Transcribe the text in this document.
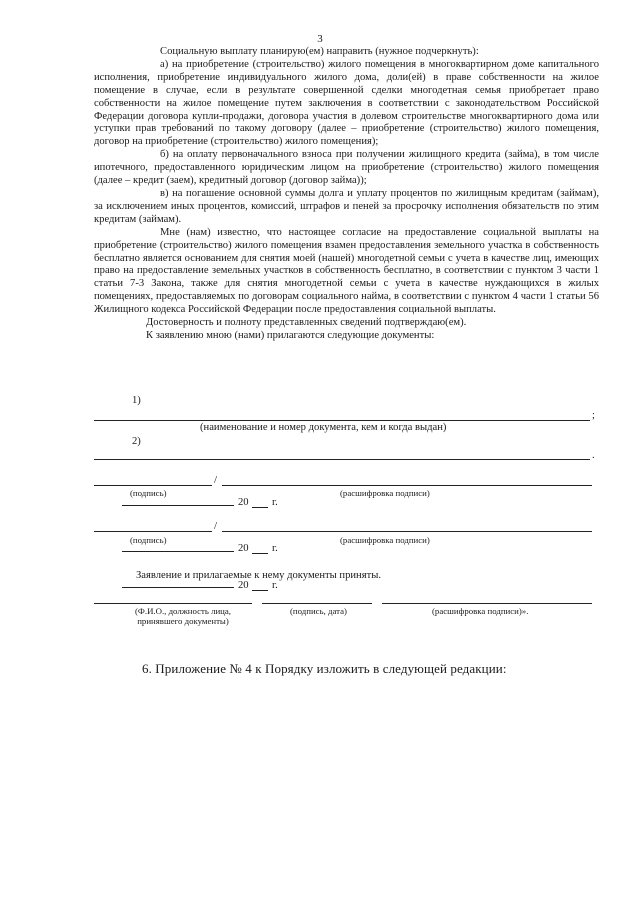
3

Социальную выплату планирую(ем) направить (нужное подчеркнуть):

а) на приобретение (строительство) жилого помещения в многоквартирном доме капитального исполнения, приобретение индивидуального жилого дома, доли(ей) в праве собственности на жилое помещение в случае, если в результате совершенной сделки многодетная семья приобретает право собственности на жилое помещение путем заключения в соответствии с законодательством Российской Федерации договора купли-продажи, договора участия в долевом строительстве многоквартирного дома или уступки прав требований по такому договору (далее – приобретение (строительство) жилого помещения, договор на приобретение (строительство) жилого помещения);

б) на оплату первоначального взноса при получении жилищного кредита (займа), в том числе ипотечного, предоставленного юридическим лицом на приобретение (строительство) жилого помещения (далее – кредит (заем), кредитный договор (договор займа));

в) на погашение основной суммы долга и уплату процентов по жилищным кредитам (займам), за исключением иных процентов, комиссий, штрафов и пеней за просрочку исполнения обязательств по этим кредитам (займам).

Мне (нам) известно, что настоящее согласие на предоставление социальной выплаты на приобретение (строительство) жилого помещения взамен предоставления земельного участка в собственность бесплатно является основанием для снятия моей (нашей) многодетной семьи с учета в качестве лиц, имеющих право на предоставление земельных участков в собственность бесплатно, в соответствии с пунктом 3 части 1 статьи 7-3 Закона, также для снятия многодетной семьи с учета в качестве нуждающихся в жилых помещениях, предоставляемых по договорам социального найма, в соответствии с пунктом 4 части 1 статьи 56 Жилищного кодекса Российской Федерации после предоставления социальной выплаты.

Достоверность и полноту представленных сведений подтверждаю(ем).

К заявлению мною (нами) прилагаются следующие документы:

1)
;
(наименование и номер документа, кем и когда выдан)
2)
.
/
(подпись)	(расшифровка подписи)
20 г.
/
(подпись)	(расшифровка подписи)
20 г.
Заявление и прилагаемые к нему документы приняты.
20 г.
(Ф.И.О., должность лица, принявшего документы)
(подпись, дата)	(расшифровка подписи)».
6. Приложение № 4 к Порядку изложить в следующей редакции:
